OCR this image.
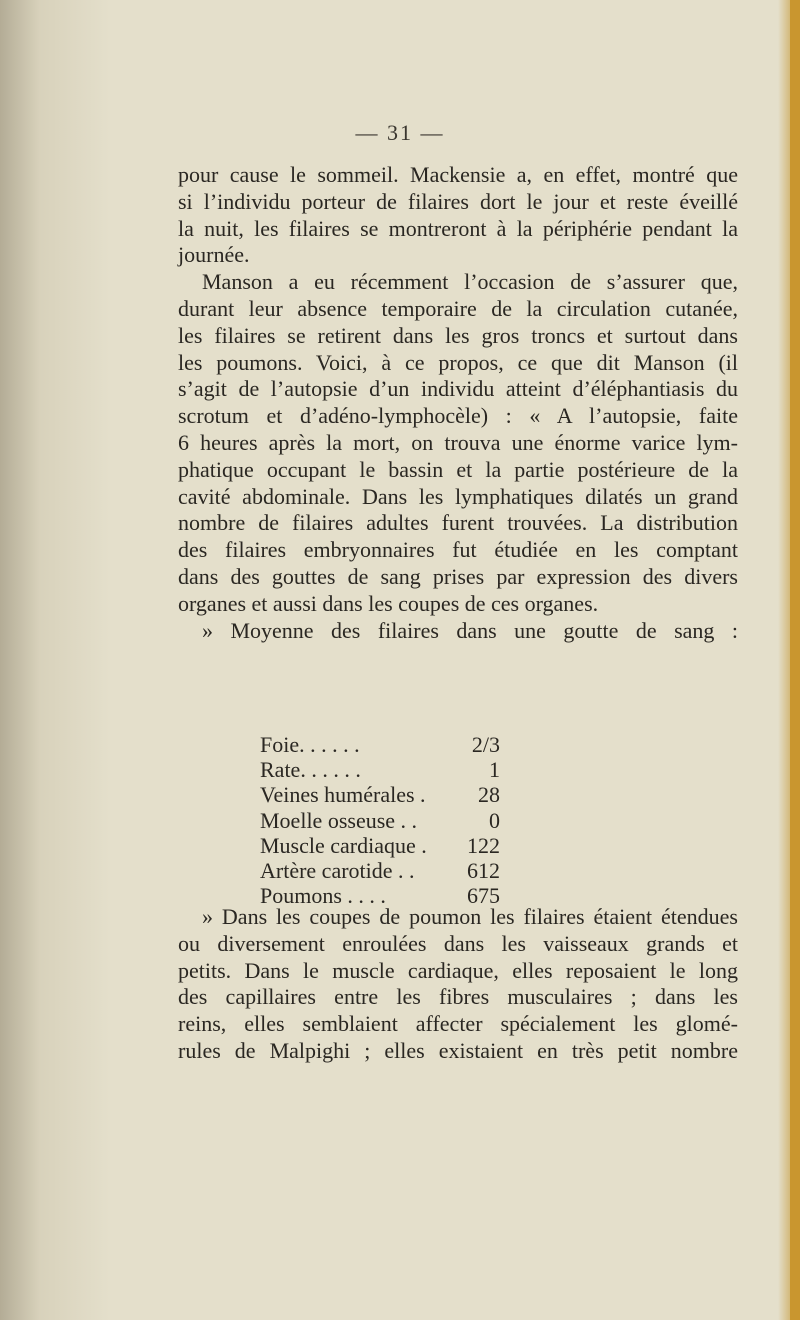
— 31 —
pour cause le sommeil. Mackensie a, en effet, montré que
si l’individu porteur de filaires dort le jour et reste éveillé
la nuit, les filaires se montreront à la périphérie pendant la
journée.
Manson a eu récemment l’occasion de s’assurer que,
durant leur absence temporaire de la circulation cutanée,
les filaires se retirent dans les gros troncs et surtout dans
les poumons. Voici, à ce propos, ce que dit Manson (il
s’agit de l’autopsie d’un individu atteint d’éléphantiasis du
scrotum et d’adéno-lymphocèle) : « A l’autopsie, faite
6 heures après la mort, on trouva une énorme varice lym-
phatique occupant le bassin et la partie postérieure de la
cavité abdominale. Dans les lymphatiques dilatés un grand
nombre de filaires adultes furent trouvées. La distribution
des filaires embryonnaires fut étudiée en les comptant
dans des gouttes de sang prises par expression des divers
organes et aussi dans les coupes de ces organes.
» Moyenne des filaires dans une goutte de sang :
Foie. . . . . .	2/3
Rate. . . . . .	1
Veines humérales .	28
Moelle osseuse . .	0
Muscle cardiaque .	122
Artère carotide . .	612
Poumons . . . .	675
» Dans les coupes de poumon les filaires étaient étendues
ou diversement enroulées dans les vaisseaux grands et
petits. Dans le muscle cardiaque, elles reposaient le long
des capillaires entre les fibres musculaires ; dans les
reins, elles semblaient affecter spécialement les glomé-
rules de Malpighi ; elles existaient en très petit nombre
